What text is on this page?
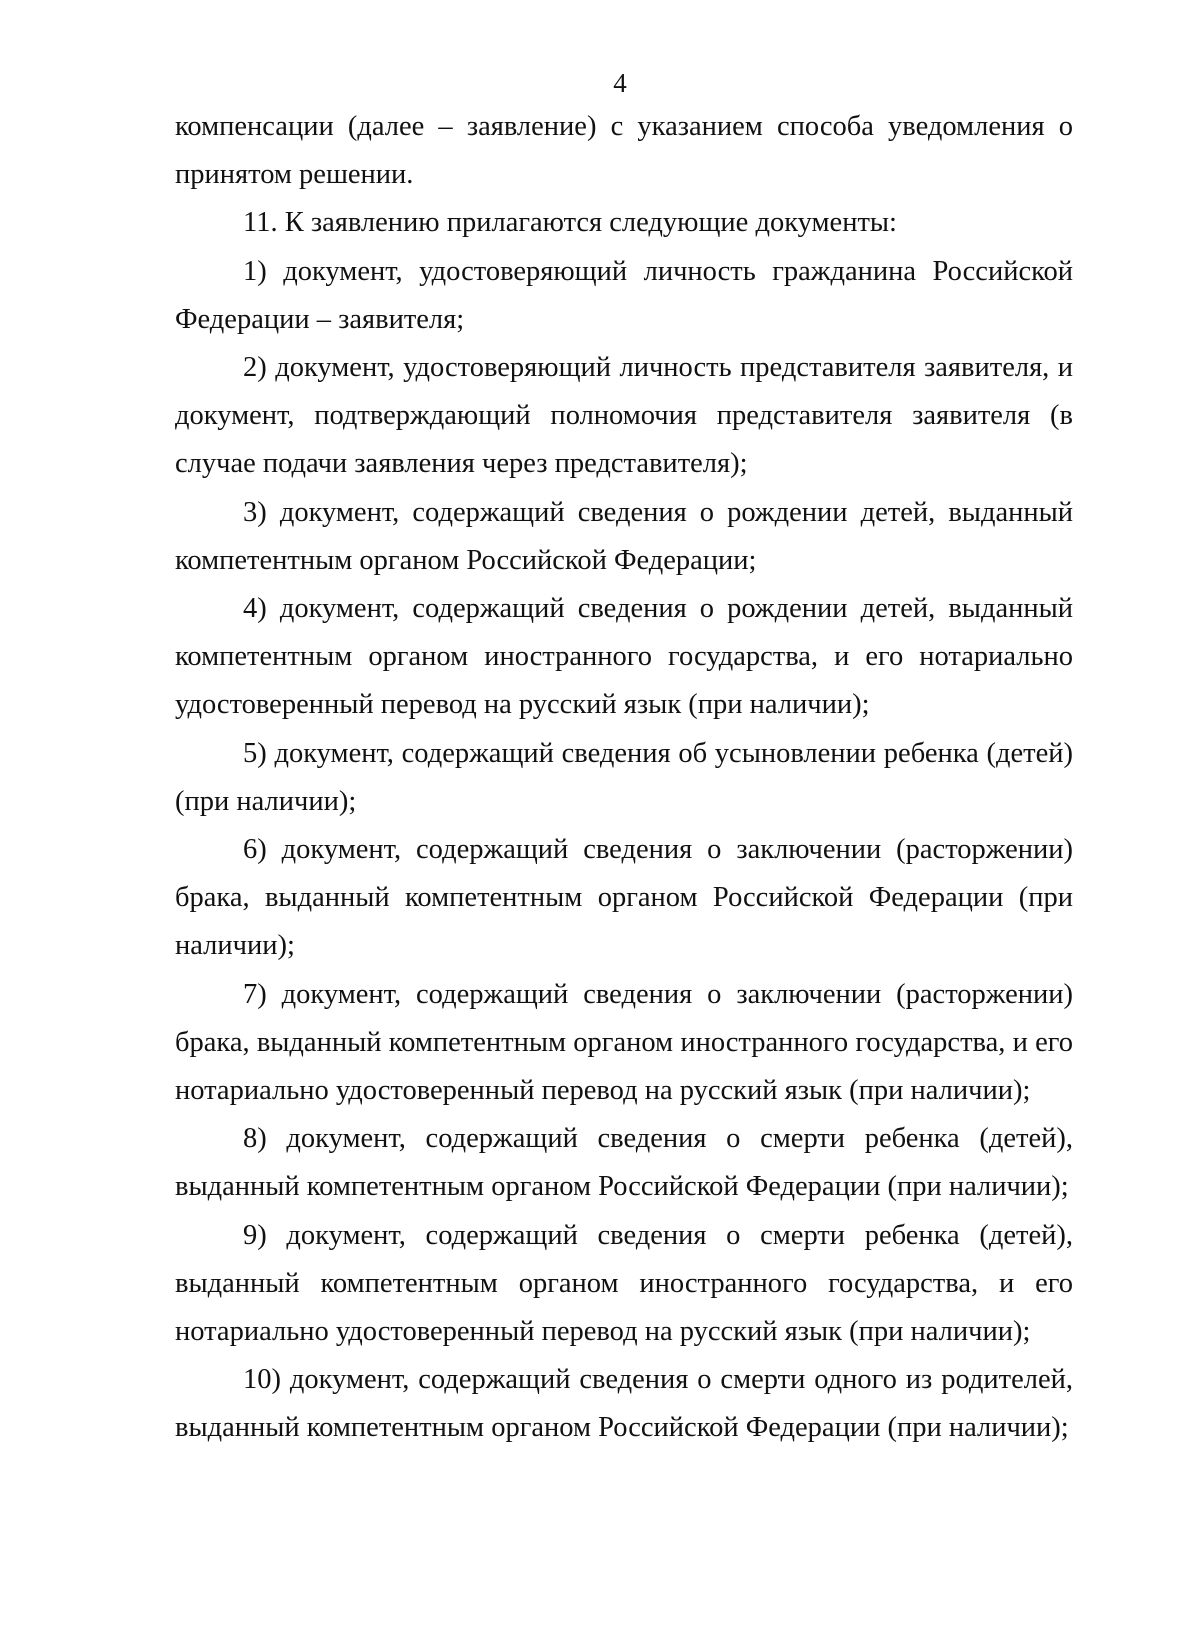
4

компенсации (далее – заявление) с указанием способа уведомления о принятом решении.

11. К заявлению прилагаются следующие документы:

1) документ, удостоверяющий личность гражданина Российской Федерации – заявителя;

2) документ, удостоверяющий личность представителя заявителя, и документ, подтверждающий полномочия представителя заявителя (в случае подачи заявления через представителя);

3) документ, содержащий сведения о рождении детей, выданный компетентным органом Российской Федерации;

4) документ, содержащий сведения о рождении детей, выданный компетентным органом иностранного государства, и его нотариально удостоверенный перевод на русский язык (при наличии);

5) документ, содержащий сведения об усыновлении ребенка (детей) (при наличии);

6) документ, содержащий сведения о заключении (расторжении) брака, выданный компетентным органом Российской Федерации (при наличии);

7) документ, содержащий сведения о заключении (расторжении) брака, выданный компетентным органом иностранного государства, и его нотариально удостоверенный перевод на русский язык (при наличии);

8) документ, содержащий сведения о смерти ребенка (детей), выданный компетентным органом Российской Федерации (при наличии);

9) документ, содержащий сведения о смерти ребенка (детей), выданный компетентным органом иностранного государства, и его нотариально удостоверенный перевод на русский язык (при наличии);

10) документ, содержащий сведения о смерти одного из родителей, выданный компетентным органом Российской Федерации (при наличии);
